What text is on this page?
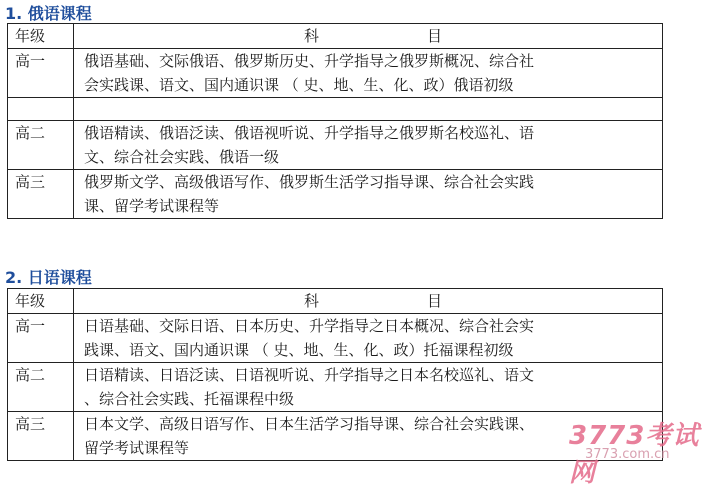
1. 俄语课程
年级	科 目
高一	俄语基础、交际俄语、俄罗斯历史、升学指导之俄罗斯概况、综合社
会实践课、语文、国内通识课 （ 史、地、生、化、政）俄语初级

高二	俄语精读、俄语泛读、俄语视听说、升学指导之俄罗斯名校巡礼、语
文、综合社会实践、俄语一级

高三	俄罗斯文学、高级俄语写作、俄罗斯生活学习指导课、综合社会实践
课、留学考试课程等
2. 日语课程
年级	科 目
高一	日语基础、交际日语、日本历史、升学指导之日本概况、综合社会实
践课、语文、国内通识课 （ 史、地、生、化、政）托福课程初级

高二	日语精读、日语泛读、日语视听说、升学指导之日本名校巡礼、语文
、综合社会实践、托福课程中级

高三	日本文学、高级日语写作、日本生活学习指导课、综合社会实践课、
留学考试课程等	3773考试网
3773.com.cn
